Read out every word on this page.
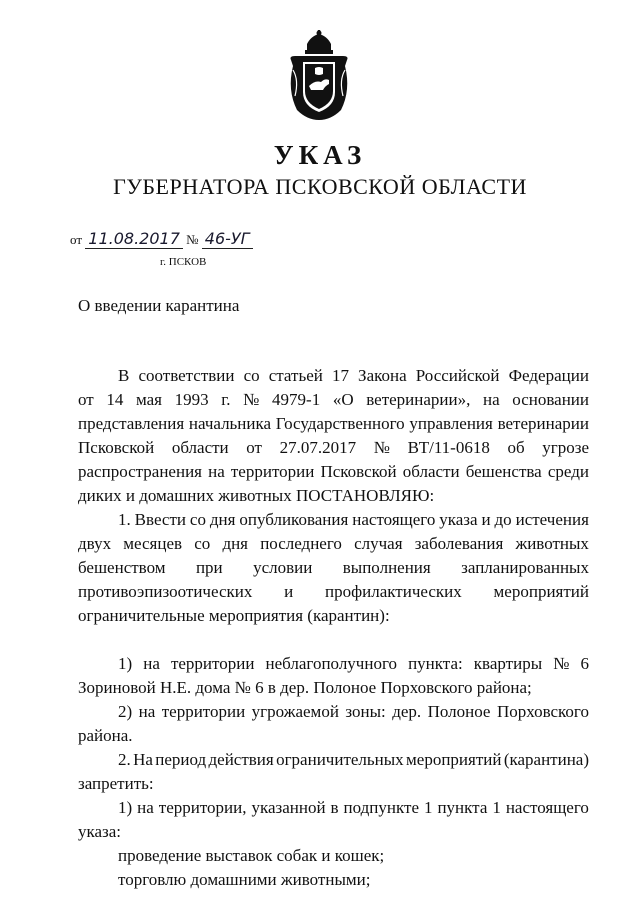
УКАЗ
ГУБЕРНАТОРА ПСКОВСКОЙ ОБЛАСТИ
от 11.08.2017 № 46-УГ
г. ПСКОВ
О введении карантина
В соответствии со статьей 17 Закона Российской Федерации
от 14 мая 1993 г. № 4979-1 «О ветеринарии», на основании
представления начальника Государственного управления ветеринарии
Псковской области от 27.07.2017 № ВТ/11-0618 об угрозе
распространения на территории Псковской области бешенства среди
диких и домашних животных ПОСТАНОВЛЯЮ:
1. Ввести со дня опубликования настоящего указа и до истечения
двух месяцев со дня последнего случая заболевания животных
бешенством при условии выполнения запланированных
противоэпизоотических и профилактических мероприятий
ограничительные мероприятия (карантин):
1) на территории неблагополучного пункта: квартиры № 6
Зориновой Н.Е. дома № 6 в дер. Полоное Порховского района;
2) на территории угрожаемой зоны: дер. Полоное Порховского
района.
2. На период действия ограничительных мероприятий (карантина)
запретить:
1) на территории, указанной в подпункте 1 пункта 1 настоящего
указа:
проведение выставок собак и кошек;
торговлю домашними животными;
